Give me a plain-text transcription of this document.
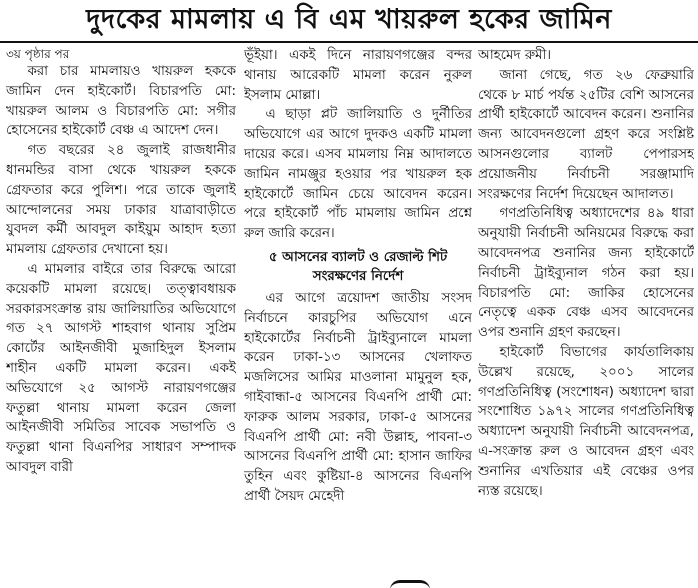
দুদকের মামলায় এ বি এম খায়রুল হকের জামিন

৩য় পৃষ্ঠার পর

করা চার মামলায়ও খায়রুল হককে জামিন দেন হাইকোর্ট। বিচারপতি মো: খায়রুল আলম ও বিচারপতি মো: সগীর হোসেনের হাইকোর্ট বেঞ্চ এ আদেশ দেন।

গত বছরের ২৪ জুলাই রাজধানীর ধানমন্ডির বাসা থেকে খায়রুল হককে গ্রেফতার করে পুলিশ। পরে তাকে জুলাই আন্দোলনের সময় ঢাকার যাত্রাবাড়ীতে যুবদল কর্মী আবদুল কাইয়ুম আহাদ হত্যা মামলায় গ্রেফতার দেখানো হয়।

এ মামলার বাইরে তার বিরুদ্ধে আরো কয়েকটি মামলা রয়েছে। তত্ত্বাবধায়ক সরকারসংক্রান্ত রায় জালিয়াতির অভিযোগে গত ২৭ আগস্ট শাহবাগ থানায় সুপ্রিম কোর্টের আইনজীবী মুজাহিদুল ইসলাম শাহীন একটি মামলা করেন। একই অভিযোগে ২৫ আগস্ট নারায়ণগঞ্জের ফতুল্লা থানায় মামলা করেন জেলা আইনজীবী সমিতির সাবেক সভাপতি ও ফতুল্লা থানা বিএনপির সাধারণ সম্পাদক আবদুল বারী

ভূঁইয়া। একই দিনে নারায়ণগঞ্জের বন্দর থানায় আরেকটি মামলা করেন নুরুল ইসলাম মোল্লা।

এ ছাড়া প্লট জালিয়াতি ও দুর্নীতির অভিযোগে এর আগে দুদকও একটি মামলা দায়ের করে। এসব মামলায় নিম্ন আদালতে জামিন নামঞ্জুর হওয়ার পর খায়রুল হক হাইকোর্টে জামিন চেয়ে আবেদন করেন। পরে হাইকোর্ট পাঁচ মামলায় জামিন প্রশ্নে রুল জারি করেন।

৫ আসনের ব্যালট ও রেজাল্ট শিট সংরক্ষণের নির্দেশ

এর আগে ত্রয়োদশ জাতীয় সংসদ নির্বাচনে কারচুপির অভিযোগ এনে হাইকোর্টের নির্বাচনী ট্রাইব্যুনালে মামলা করেন ঢাকা-১৩ আসনের খেলাফত মজলিসের আমির মাওলানা মামুনুল হক, গাইবান্ধা-৫ আসনের বিএনপি প্রার্থী মো: ফারুক আলম সরকার, ঢাকা-৫ আসনের বিএনপি প্রার্থী মো: নবী উল্লাহ, পাবনা-৩ আসনের বিএনপি প্রার্থী মো: হাসান জাফির তুহিন এবং কুষ্টিয়া-৪ আসনের বিএনপি প্রার্থী সৈয়দ মেহেদী

আহমেদ রুমী।

জানা গেছে, গত ২৬ ফেব্রুয়ারি থেকে ৮ মার্চ পর্যন্ত ২৫টির বেশি আসনের প্রার্থী হাইকোর্টে আবেদন করেন। শুনানির জন্য আবেদনগুলো গ্রহণ করে সংশ্লিষ্ট আসনগুলোর ব্যালট পেপারসহ প্রয়োজনীয় নির্বাচনী সরঞ্জামাদি সংরক্ষণের নির্দেশ দিয়েছেন আদালত।

গণপ্রতিনিধিত্ব অধ্যাদেশের ৪৯ ধারা অনুযায়ী নির্বাচনী অনিয়মের বিরুদ্ধে করা আবেদনপত্র শুনানির জন্য হাইকোর্টে নির্বাচনী ট্রাইব্যুনাল গঠন করা হয়। বিচারপতি মো: জাকির হোসেনের নেতৃত্বে একক বেঞ্চ এসব আবেদনের ওপর শুনানি গ্রহণ করছেন।

হাইকোর্ট বিভাগের কার্যতালিকায় উল্লেখ রয়েছে, ২০০১ সালের গণপ্রতিনিধিত্ব (সংশোধন) অধ্যাদেশ দ্বারা সংশোধিত ১৯৭২ সালের গণপ্রতিনিধিত্ব অধ্যাদেশ অনুযায়ী নির্বাচনী আবেদনপত্র, এ-সংক্রান্ত রুল ও আবেদন গ্রহণ এবং শুনানির এখতিয়ার এই বেঞ্চের ওপর ন্যস্ত রয়েছে।
